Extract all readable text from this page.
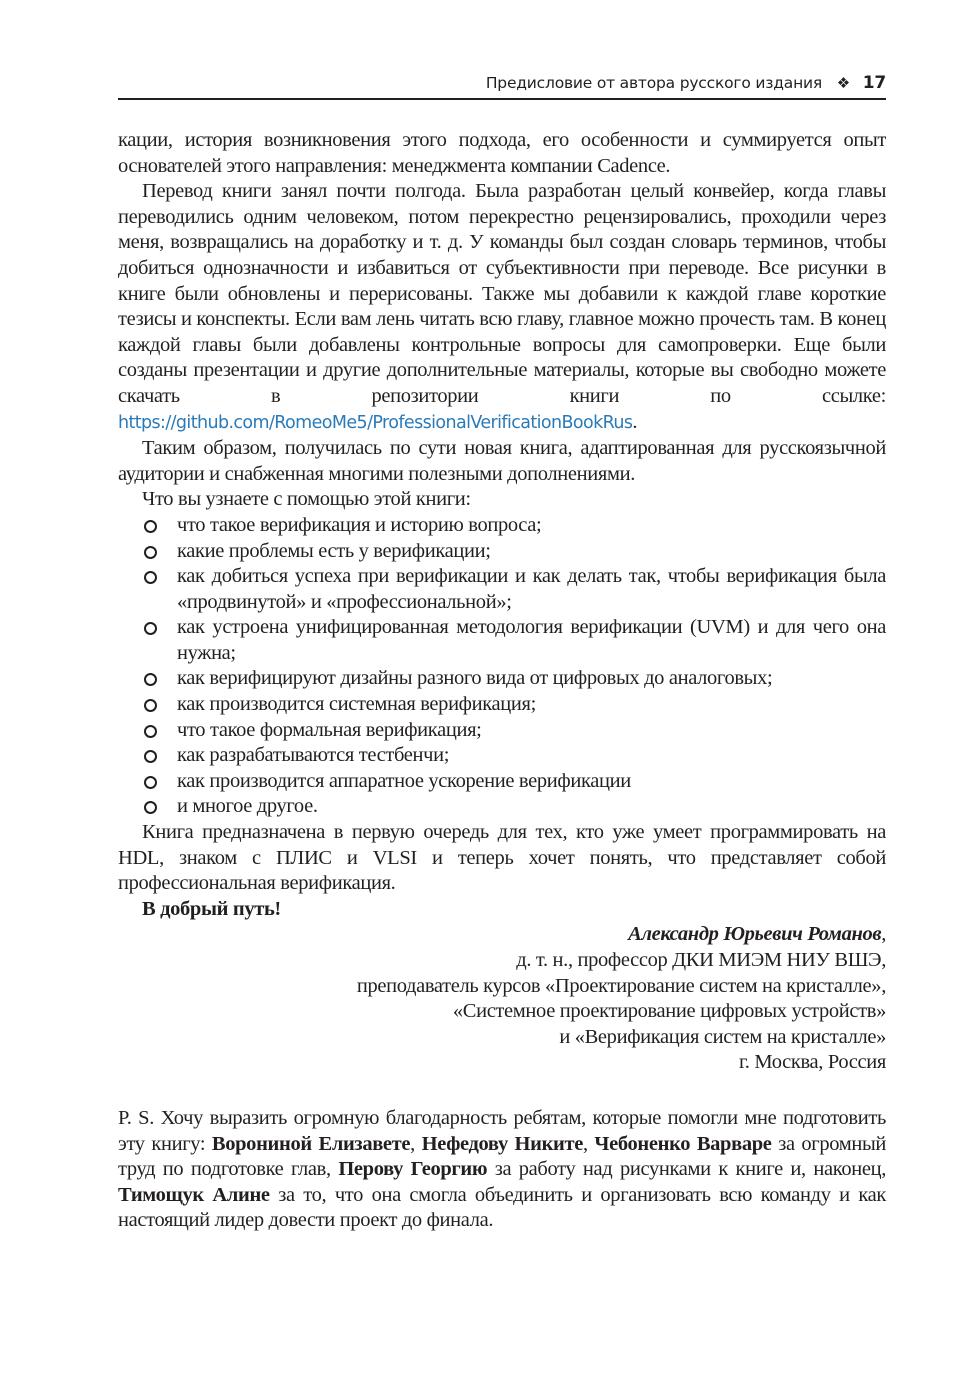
Предисловие от автора русского издания ❖ 17

кации, история возникновения этого подхода, его особенности и суммируется опыт основателей этого направления: менеджмента компании Cadence.

Перевод книги занял почти полгода. Была разработан целый конвейер, когда главы переводились одним человеком, потом перекрестно рецензировались, проходили через меня, возвращались на доработку и т. д. У команды был создан словарь терминов, чтобы добиться однозначности и избавиться от субъективности при переводе. Все рисунки в книге были обновлены и перерисованы. Также мы добавили к каждой главе короткие тезисы и конспекты. Если вам лень читать всю главу, главное можно прочесть там. В конец каждой главы были добавлены контрольные вопросы для самопроверки. Еще были созданы презентации и другие дополнительные материалы, которые вы свободно можете скачать в репозитории книги по ссылке: https://github.com/RomeoMe5/ProfessionalVerificationBookRus.

Таким образом, получилась по сути новая книга, адаптированная для русскоязычной аудитории и снабженная многими полезными дополнениями.

Что вы узнаете с помощью этой книги:

что такое верификация и историю вопроса;
какие проблемы есть у верификации;
как добиться успеха при верификации и как делать так, чтобы верификация была «продвинутой» и «профессиональной»;
как устроена унифицированная методология верификации (UVM) и для чего она нужна;
как верифицируют дизайны разного вида от цифровых до аналоговых;
как производится системная верификация;
что такое формальная верификация;
как разрабатываются тестбенчи;
как производится аппаратное ускорение верификации
и многое другое.

Книга предназначена в первую очередь для тех, кто уже умеет программировать на HDL, знаком с ПЛИС и VLSI и теперь хочет понять, что представляет собой профессиональная верификация.

В добрый путь!

Александр Юрьевич Романов,
д. т. н., профессор ДКИ МИЭМ НИУ ВШЭ,
преподаватель курсов «Проектирование систем на кристалле»,
«Системное проектирование цифровых устройств»
и «Верификация систем на кристалле»
г. Москва, Россия

P. S. Хочу выразить огромную благодарность ребятам, которые помогли мне подготовить эту книгу: Ворониной Елизавете, Нефедову Никите, Чебоненко Варваре за огромный труд по подготовке глав, Перову Георгию за работу над рисунками к книге и, наконец, Тимощук Алине за то, что она смогла объединить и организовать всю команду и как настоящий лидер довести проект до финала.
